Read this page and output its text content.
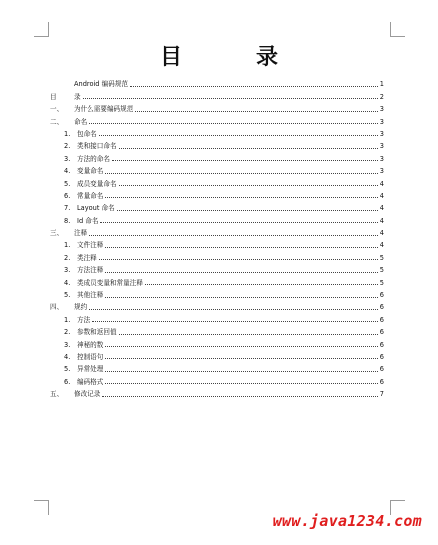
目　录
Android 编码规范	1
目	录	2
一、	为什么需要编码规范	3
二、	命名	3
1.	包命名	3
2.	类和接口命名	3
3.	方法的命名	3
4.	变量命名	3
5.	成员变量命名	4
6.	常量命名	4
7.	Layout 命名	4
8.	Id 命名	4
三、	注释	4
1.	文件注释	4
2.	类注释	5
3.	方法注释	5
4.	类成员变量和常量注释	5
5.	其他注释	6
四、	规约	6
1.	方法	6
2.	参数和返回值	6
3.	神秘的数	6
4.	控制语句	6
5.	异常处理	6
6.	编码格式	6
五、	修改记录	7
www.java1234.com
